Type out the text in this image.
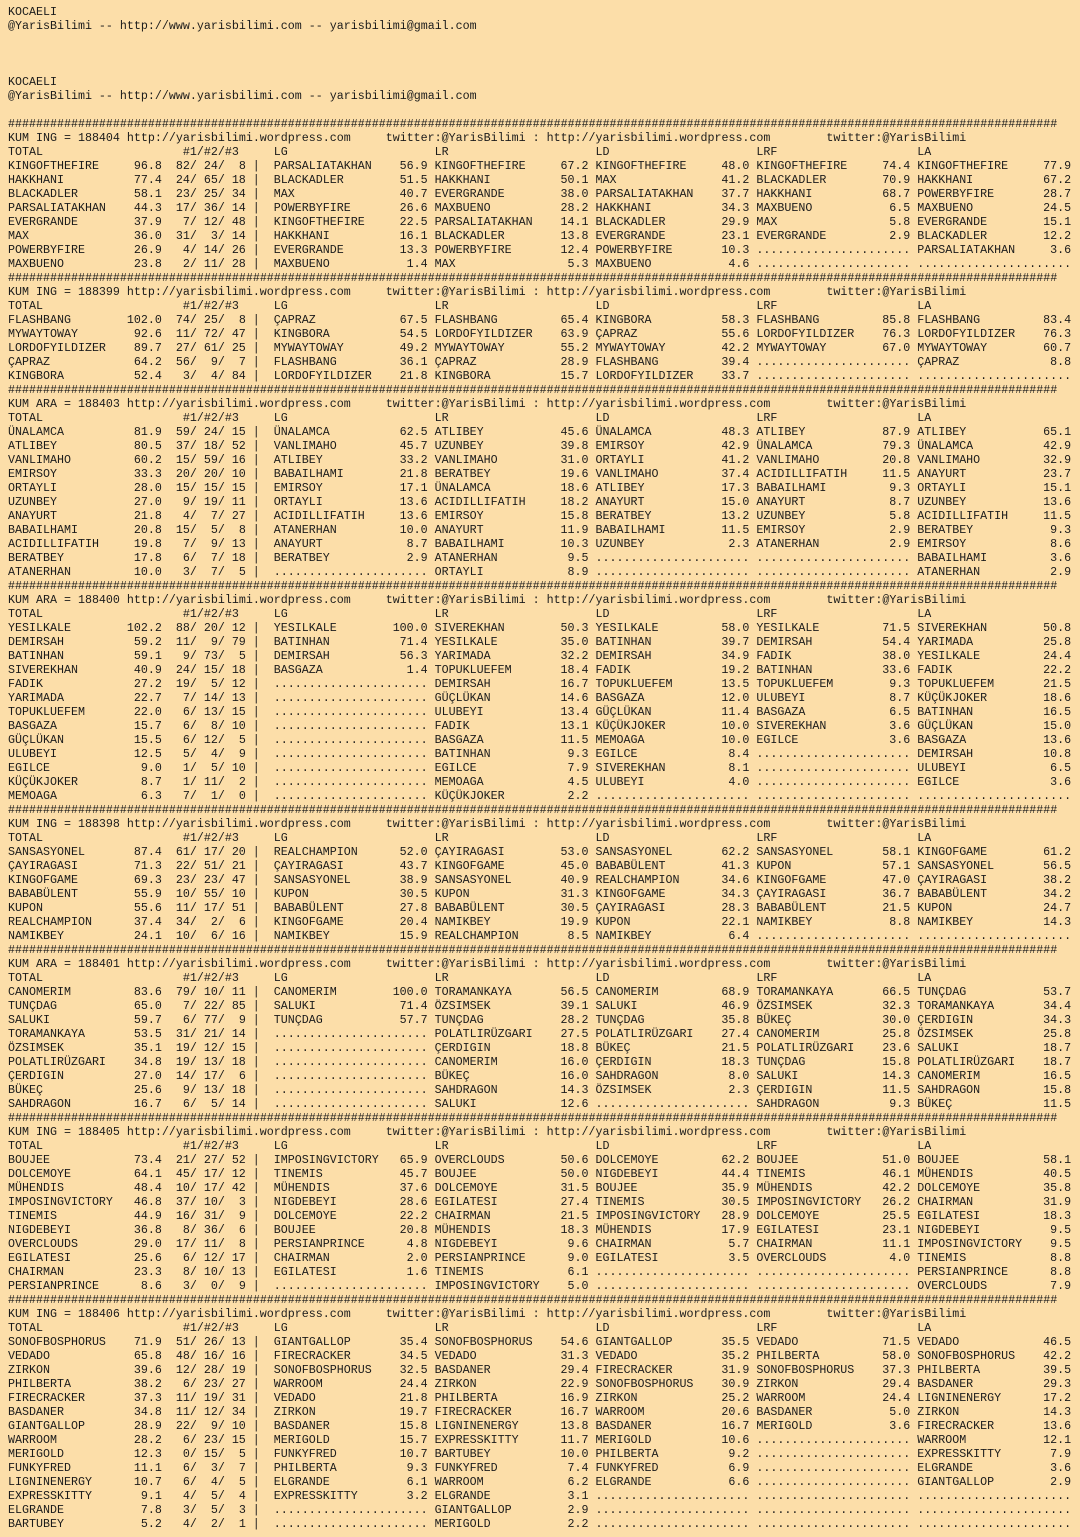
KOCAELI
@YarisBilimi -- http://www.yarisbilimi.com -- yarisbilimi@gmail.com
KOCAELI
@YarisBilimi -- http://www.yarisbilimi.com -- yarisbilimi@gmail.com
######################################################################################################################################################
KUM ING = 188404 http://yarisbilimi.wordpress.com	twitter:@YarisBilimi : http://yarisbilimi.wordpress.com	twitter:@YarisBilimi
TOTAL	#1/#2/#3	LG	LR	LD	LRF	LA
KINGOFTHEFIRE	96.8 82 / 24 / 8 | PARSALIATAKHAN 56.9 KINGOFTHEFIRE	67.2 KINGOFTHEFIRE	48.0 KINGOFTHEFIRE	74.4 KINGOFTHEFIRE	77.9
HAKKHANI	77.4 24 / 65 / 18 | BLACKADLER	51.5 HAKKHANI	50.1 MAX	41.2 BLACKADLER	70.9 HAKKHANI	67.2
BLACKADLER	58.1 23 / 25 / 34 | MAX	40.7 EVERGRANDE	38.0 PARSALIATAKHAN 37.7 HAKKHANI	68.7 POWERBYFIRE	28.7
PARSALIATAKHAN 44.3 17 / 36 / 14 | POWERBYFIRE	26.6 MAXBUENO	28.2 HAKKHANI	34.3 MAXBUENO	6.5 MAXBUENO	24.5
EVERGRANDE	37.9 7 / 12 / 48 | KINGOFTHEFIRE	22.5 PARSALIATAKHAN 14.1 BLACKADLER	29.9 MAX	5.8 EVERGRANDE	15.1
MAX	36.0 31 / 3 / 14 | HAKKHANI	16.1 BLACKADLER	13.8 EVERGRANDE	23.1 EVERGRANDE	2.9 BLACKADLER	12.2
POWERBYFIRE	26.9 4 / 14 / 26 | EVERGRANDE	13.3 POWERBYFIRE	12.4 POWERBYFIRE	10.3 ...................... PARSALIATAKHAN	3.6
MAXBUENO	23.8 2 / 11 / 28 | MAXBUENO	1.4 MAX	5.3 MAXBUENO	4.6 ...................... ......................
######################################################################################################################################################
KUM ING = 188399 http://yarisbilimi.wordpress.com	twitter:@YarisBilimi : http://yarisbilimi.wordpress.com	twitter:@YarisBilimi
TOTAL	#1/#2/#3	LG	LR	LD	LRF	LA
FLASHBANG	102.0 74 / 25 / 8 | ÇAPRAZ	67.5 FLASHBANG	65.4 KINGBORA	58.3 FLASHBANG	85.8 FLASHBANG	83.4
MYWAYTOWAY	92.6 11 / 72 / 47 | KINGBORA	54.5 LORDOFYILDIZER 63.9 ÇAPRAZ	55.6 LORDOFYILDIZER 76.3 LORDOFYILDIZER 76.3
LORDOFYILDIZER 89.7 27 / 61 / 25 | MYWAYTOWAY	49.2 MYWAYTOWAY	55.2 MYWAYTOWAY	42.2 MYWAYTOWAY	67.0 MYWAYTOWAY	60.7
ÇAPRAZ	64.2 56 / 9 / 7 | FLASHBANG	36.1 ÇAPRAZ	28.9 FLASHBANG	39.4 ...................... ÇAPRAZ	8.8
KINGBORA	52.4 3 / 4 / 84 | LORDOFYILDIZER 21.8 KINGBORA	15.7 LORDOFYILDIZER 33.7 ...................... ......................
######################################################################################################################################################
KUM ARA = 188403 http://yarisbilimi.wordpress.com	twitter:@YarisBilimi : http://yarisbilimi.wordpress.com	twitter:@YarisBilimi
TOTAL	#1/#2/#3	LG	LR	LD	LRF	LA
ÜNALAMCA	81.9 59 / 24 / 15 | ÜNALAMCA	62.5 ATLIBEY	45.6 ÜNALAMCA	48.3 ATLIBEY	87.9 ATLIBEY	65.1
ATLIBEY	80.5 37 / 18 / 52 | VANLIMAHO	45.7 UZUNBEY	39.8 EMIRSOY	42.9 ÜNALAMCA	79.3 ÜNALAMCA	42.9
VANLIMAHO	60.2 15 / 59 / 16 | ATLIBEY	33.2 VANLIMAHO	31.0 ORTAYLI	41.2 VANLIMAHO	20.8 VANLIMAHO	32.9
EMIRSOY	33.3 20 / 20 / 10 | BABAILHAMI	21.8 BERATBEY	19.6 VANLIMAHO	37.4 ACIDILLIFATIH	11.5 ANAYURT	23.7
ORTAYLI	28.0 15 / 15 / 15 | EMIRSOY	17.1 ÜNALAMCA	18.6 ATLIBEY	17.3 BABAILHAMI	9.3 ORTAYLI	15.1
UZUNBEY	27.0 9 / 19 / 11 | ORTAYLI	13.6 ACIDILLIFATIH	18.2 ANAYURT	15.0 ANAYURT	8.7 UZUNBEY	13.6
ANAYURT	21.8 4 / 7 / 27 | ACIDILLIFATIH	13.6 EMIRSOY	15.8 BERATBEY	13.2 UZUNBEY	5.8 ACIDILLIFATIH	11.5
BABAILHAMI	20.8 15 / 5 / 8 | ATANERHAN	10.0 ANAYURT	11.9 BABAILHAMI	11.5 EMIRSOY	2.9 BERATBEY	9.3
ACIDILLIFATIH	19.8 7 / 9 / 13 | ANAYURT	8.7 BABAILHAMI	10.3 UZUNBEY	2.3 ATANERHAN	2.9 EMIRSOY	8.6
BERATBEY	17.8 6 / 7 / 18 | BERATBEY	2.9 ATANERHAN	9.5 ...................... ...................... BABAILHAMI	3.6
ATANERHAN	10.0 3 / 7 / 5 | ...................... ORTAYLI	8.9 ...................... ...................... ATANERHAN	2.9
######################################################################################################################################################
KUM ARA = 188400 http://yarisbilimi.wordpress.com	twitter:@YarisBilimi : http://yarisbilimi.wordpress.com	twitter:@YarisBilimi
TOTAL	#1/#2/#3	LG	LR	LD	LRF	LA
YESILKALE	102.2 88 / 20 / 12 | YESILKALE	100.0 SIVEREKHAN	50.3 YESILKALE	58.0 YESILKALE	71.5 SIVEREKHAN	50.8
DEMIRSAH	59.2 11 / 9 / 79 | BATINHAN	71.4 YESILKALE	35.0 BATINHAN	39.7 DEMIRSAH	54.4 YARIMADA	25.8
BATINHAN	59.1 9 / 73 / 5 | DEMIRSAH	56.3 YARIMADA	32.2 DEMIRSAH	34.9 FADIK	38.0 YESILKALE	24.4
SIVEREKHAN	40.9 24 / 15 / 18 | BASGAZA	1.4 TOPUKLUEFEM	18.4 FADIK	19.2 BATINHAN	33.6 FADIK	22.2
FADIK	27.2 19 / 5 / 12 | ...................... DEMIRSAH	16.7 TOPUKLUEFEM	13.5 TOPUKLUEFEM	9.3 TOPUKLUEFEM	21.5
YARIMADA	22.7 7 / 14 / 13 | ...................... GÜÇLÜKAN	14.6 BASGAZA	12.0 ULUBEYI	8.7 KÜÇÜKJOKER	18.6
TOPUKLUEFEM	22.0 6 / 13 / 15 | ...................... ULUBEYI	13.4 GÜÇLÜKAN	11.4 BASGAZA	6.5 BATINHAN	16.5
BASGAZA	15.7 6 / 8 / 10 | ...................... FADIK	13.1 KÜÇÜKJOKER	10.0 SIVEREKHAN	3.6 GÜÇLÜKAN	15.0
GÜÇLÜKAN	15.5 6 / 12 / 5 | ...................... BASGAZA	11.5 MEMOAGA	10.0 EGILCE	3.6 BASGAZA	13.6
ULUBEYI	12.5 5 / 4 / 9 | ...................... BATINHAN	9.3 EGILCE	8.4 ...................... DEMIRSAH	10.8
EGILCE	9.0 1 / 5 / 10 | ...................... EGILCE	7.9 SIVEREKHAN	8.1 ...................... ULUBEYI	6.5
KÜÇÜKJOKER	8.7 1 / 11 / 2 | ...................... MEMOAGA	4.5 ULUBEYI	4.0 ...................... EGILCE	3.6
MEMOAGA	6.3 7 / 1 / 0 | ...................... KÜÇÜKJOKER	2.2 ...................... ...................... ......................
######################################################################################################################################################
KUM ING = 188398 http://yarisbilimi.wordpress.com	twitter:@YarisBilimi : http://yarisbilimi.wordpress.com	twitter:@YarisBilimi
TOTAL	#1/#2/#3	LG	LR	LD	LRF	LA
SANSASYONEL	87.4 61 / 17 / 20 | REALCHAMPION	52.0 ÇAYIRAGASI	53.0 SANSASYONEL	62.2 SANSASYONEL	58.1 KINGOFGAME	61.2
ÇAYIRAGASI	71.3 22 / 51 / 21 | ÇAYIRAGASI	43.7 KINGOFGAME	45.0 BABABÜLENT	41.3 KUPON	57.1 SANSASYONEL	56.5
KINGOFGAME	69.3 23 / 23 / 47 | SANSASYONEL	38.9 SANSASYONEL	40.9 REALCHAMPION	34.6 KINGOFGAME	47.0 ÇAYIRAGASI	38.2
BABABÜLENT	55.9 10 / 55 / 10 | KUPON	30.5 KUPON	31.3 KINGOFGAME	34.3 ÇAYIRAGASI	36.7 BABABÜLENT	34.2
KUPON	55.6 11 / 17 / 51 | BABABÜLENT	27.8 BABABÜLENT	30.5 ÇAYIRAGASI	28.3 BABABÜLENT	21.5 KUPON	24.7
REALCHAMPION	37.4 34 / 2 / 6 | KINGOFGAME	20.4 NAMIKBEY	19.9 KUPON	22.1 NAMIKBEY	8.8 NAMIKBEY	14.3
NAMIKBEY	24.1 10 / 6 / 16 | NAMIKBEY	15.9 REALCHAMPION	8.5 NAMIKBEY	6.4 ...................... ......................
######################################################################################################################################################
KUM ARA = 188401 http://yarisbilimi.wordpress.com	twitter:@YarisBilimi : http://yarisbilimi.wordpress.com	twitter:@YarisBilimi
TOTAL	#1/#2/#3	LG	LR	LD	LRF	LA
CANOMERIM	83.6 79 / 10 / 11 | CANOMERIM	100.0 TORAMANKAYA	56.5 CANOMERIM	68.9 TORAMANKAYA	66.5 TUNÇDAG	53.7
TUNÇDAG	65.0 7 / 22 / 85 | SALUKI	71.4 ÖZSIMSEK	39.1 SALUKI	46.9 ÖZSIMSEK	32.3 TORAMANKAYA	34.4
SALUKI	59.7 6 / 77 / 9 | TUNÇDAG	57.7 TUNÇDAG	28.2 TUNÇDAG	35.8 BÜKEÇ	30.0 ÇERDIGIN	34.3
TORAMANKAYA	53.5 31 / 21 / 14 | ...................... POLATLIRÜZGARI 27.5 POLATLIRÜZGARI 27.4 CANOMERIM	25.8 ÖZSIMSEK	25.8
ÖZSIMSEK	35.1 19 / 12 / 15 | ...................... ÇERDIGIN	18.8 BÜKEÇ	21.5 POLATLIRÜZGARI 23.6 SALUKI	18.7
POLATLIRÜZGARI 34.8 19 / 13 / 18 | ...................... CANOMERIM	16.0 ÇERDIGIN	18.3 TUNÇDAG	15.8 POLATLIRÜZGARI 18.7
ÇERDIGIN	27.0 14 / 17 / 6 | ...................... BÜKEÇ	16.0 SAHDRAGON	8.0 SALUKI	14.3 CANOMERIM	16.5
BÜKEÇ	25.6 9 / 13 / 18 | ...................... SAHDRAGON	14.3 ÖZSIMSEK	2.3 ÇERDIGIN	11.5 SAHDRAGON	15.8
SAHDRAGON	16.7 6 / 5 / 14 | ...................... SALUKI	12.6 ...................... SAHDRAGON	9.3 BÜKEÇ	11.5
######################################################################################################################################################
KUM ING = 188405 http://yarisbilimi.wordpress.com	twitter:@YarisBilimi : http://yarisbilimi.wordpress.com	twitter:@YarisBilimi
TOTAL	#1/#2/#3	LG	LR	LD	LRF	LA
BOUJEE	73.4 21 / 27 / 52 | IMPOSINGVICTORY 65.9 OVERCLOUDS	50.6 DOLCEMOYE	62.2 BOUJEE	51.0 BOUJEE	58.1
DOLCEMOYE	64.1 45 / 17 / 12 | TINEMIS	45.7 BOUJEE	50.0 NIGDEBEYI	44.4 TINEMIS	46.1 MÜHENDIS	40.5
MÜHENDIS	48.4 10 / 17 / 42 | MÜHENDIS	37.6 DOLCEMOYE	31.5 BOUJEE	35.9 MÜHENDIS	42.2 DOLCEMOYE	35.8
IMPOSINGVICTORY 46.8 37 / 10 / 3 | NIGDEBEYI	28.6 EGILATESI	27.4 TINEMIS	30.5 IMPOSINGVICTORY 26.2 CHAIRMAN	31.9
TINEMIS	44.9 16 / 31 / 9 | DOLCEMOYE	22.2 CHAIRMAN	21.5 IMPOSINGVICTORY 28.9 DOLCEMOYE	25.5 EGILATESI	18.3
NIGDEBEYI	36.8 8 / 36 / 6 | BOUJEE	20.8 MÜHENDIS	18.3 MÜHENDIS	17.9 EGILATESI	23.1 NIGDEBEYI	9.5
OVERCLOUDS	29.0 17 / 11 / 8 | PERSIANPRINCE	4.8 NIGDEBEYI	9.6 CHAIRMAN	5.7 CHAIRMAN	11.1 IMPOSINGVICTORY 9.5
EGILATESI	25.6 6 / 12 / 17 | CHAIRMAN	2.0 PERSIANPRINCE	9.0 EGILATESI	3.5 OVERCLOUDS	4.0 TINEMIS	8.8
CHAIRMAN	23.3 8 / 10 / 13 | EGILATESI	1.6 TINEMIS	6.1 ...................... ...................... PERSIANPRINCE	8.8
PERSIANPRINCE	8.6 3 / 0 / 9 | ...................... IMPOSINGVICTORY 5.0 ...................... ...................... OVERCLOUDS	7.9
######################################################################################################################################################
KUM ING = 188406 http://yarisbilimi.wordpress.com	twitter:@YarisBilimi : http://yarisbilimi.wordpress.com	twitter:@YarisBilimi
TOTAL	#1/#2/#3	LG	LR	LD	LRF	LA
SONOFBOSPHORUS 71.9 51 / 26 / 13 | GIANTGALLOP	35.4 SONOFBOSPHORUS 54.6 GIANTGALLOP	35.5 VEDADO	71.5 VEDADO	46.5
VEDADO	65.8 48 / 16 / 16 | FIRECRACKER	34.5 VEDADO	31.3 VEDADO	35.2 PHILBERTA	58.0 SONOFBOSPHORUS 42.2
ZIRKON	39.6 12 / 28 / 19 | SONOFBOSPHORUS 32.5 BASDANER	29.4 FIRECRACKER	31.9 SONOFBOSPHORUS 37.3 PHILBERTA	39.5
PHILBERTA	38.2 6 / 23 / 27 | WARROOM	24.4 ZIRKON	22.9 SONOFBOSPHORUS 30.9 ZIRKON	29.4 BASDANER	29.3
FIRECRACKER	37.3 11 / 19 / 31 | VEDADO	21.8 PHILBERTA	16.9 ZIRKON	25.2 WARROOM	24.4 LIGNINENERGY	17.2
BASDANER	34.8 11 / 12 / 34 | ZIRKON	19.7 FIRECRACKER	16.7 WARROOM	20.6 BASDANER	5.0 ZIRKON	14.3
GIANTGALLOP	28.9 22 / 9 / 10 | BASDANER	15.8 LIGNINENERGY	13.8 BASDANER	16.7 MERIGOLD	3.6 FIRECRACKER	13.6
WARROOM	28.2 6 / 23 / 15 | MERIGOLD	15.7 EXPRESSKITTY	11.7 MERIGOLD	10.6 ...................... WARROOM	12.1
MERIGOLD	12.3 0 / 15 / 5 | FUNKYFRED	10.7 BARTUBEY	10.0 PHILBERTA	9.2 ...................... EXPRESSKITTY	7.9
FUNKYFRED	11.1 6 / 3 / 7 | PHILBERTA	9.3 FUNKYFRED	7.4 FUNKYFRED	6.9 ...................... ELGRANDE	3.6
LIGNINENERGY	10.7 6 / 4 / 5 | ELGRANDE	6.1 WARROOM	6.2 ELGRANDE	6.6 ...................... GIANTGALLOP	2.9
EXPRESSKITTY	9.1 4 / 5 / 4 | EXPRESSKITTY	3.2 ELGRANDE	3.1 ...................... ...................... ......................
ELGRANDE	7.8 3 / 5 / 3 | ...................... GIANTGALLOP	2.9 ...................... ...................... ......................
BARTUBEY	5.2 4 / 2 / 1 | ...................... MERIGOLD	2.2 ...................... ...................... ......................
